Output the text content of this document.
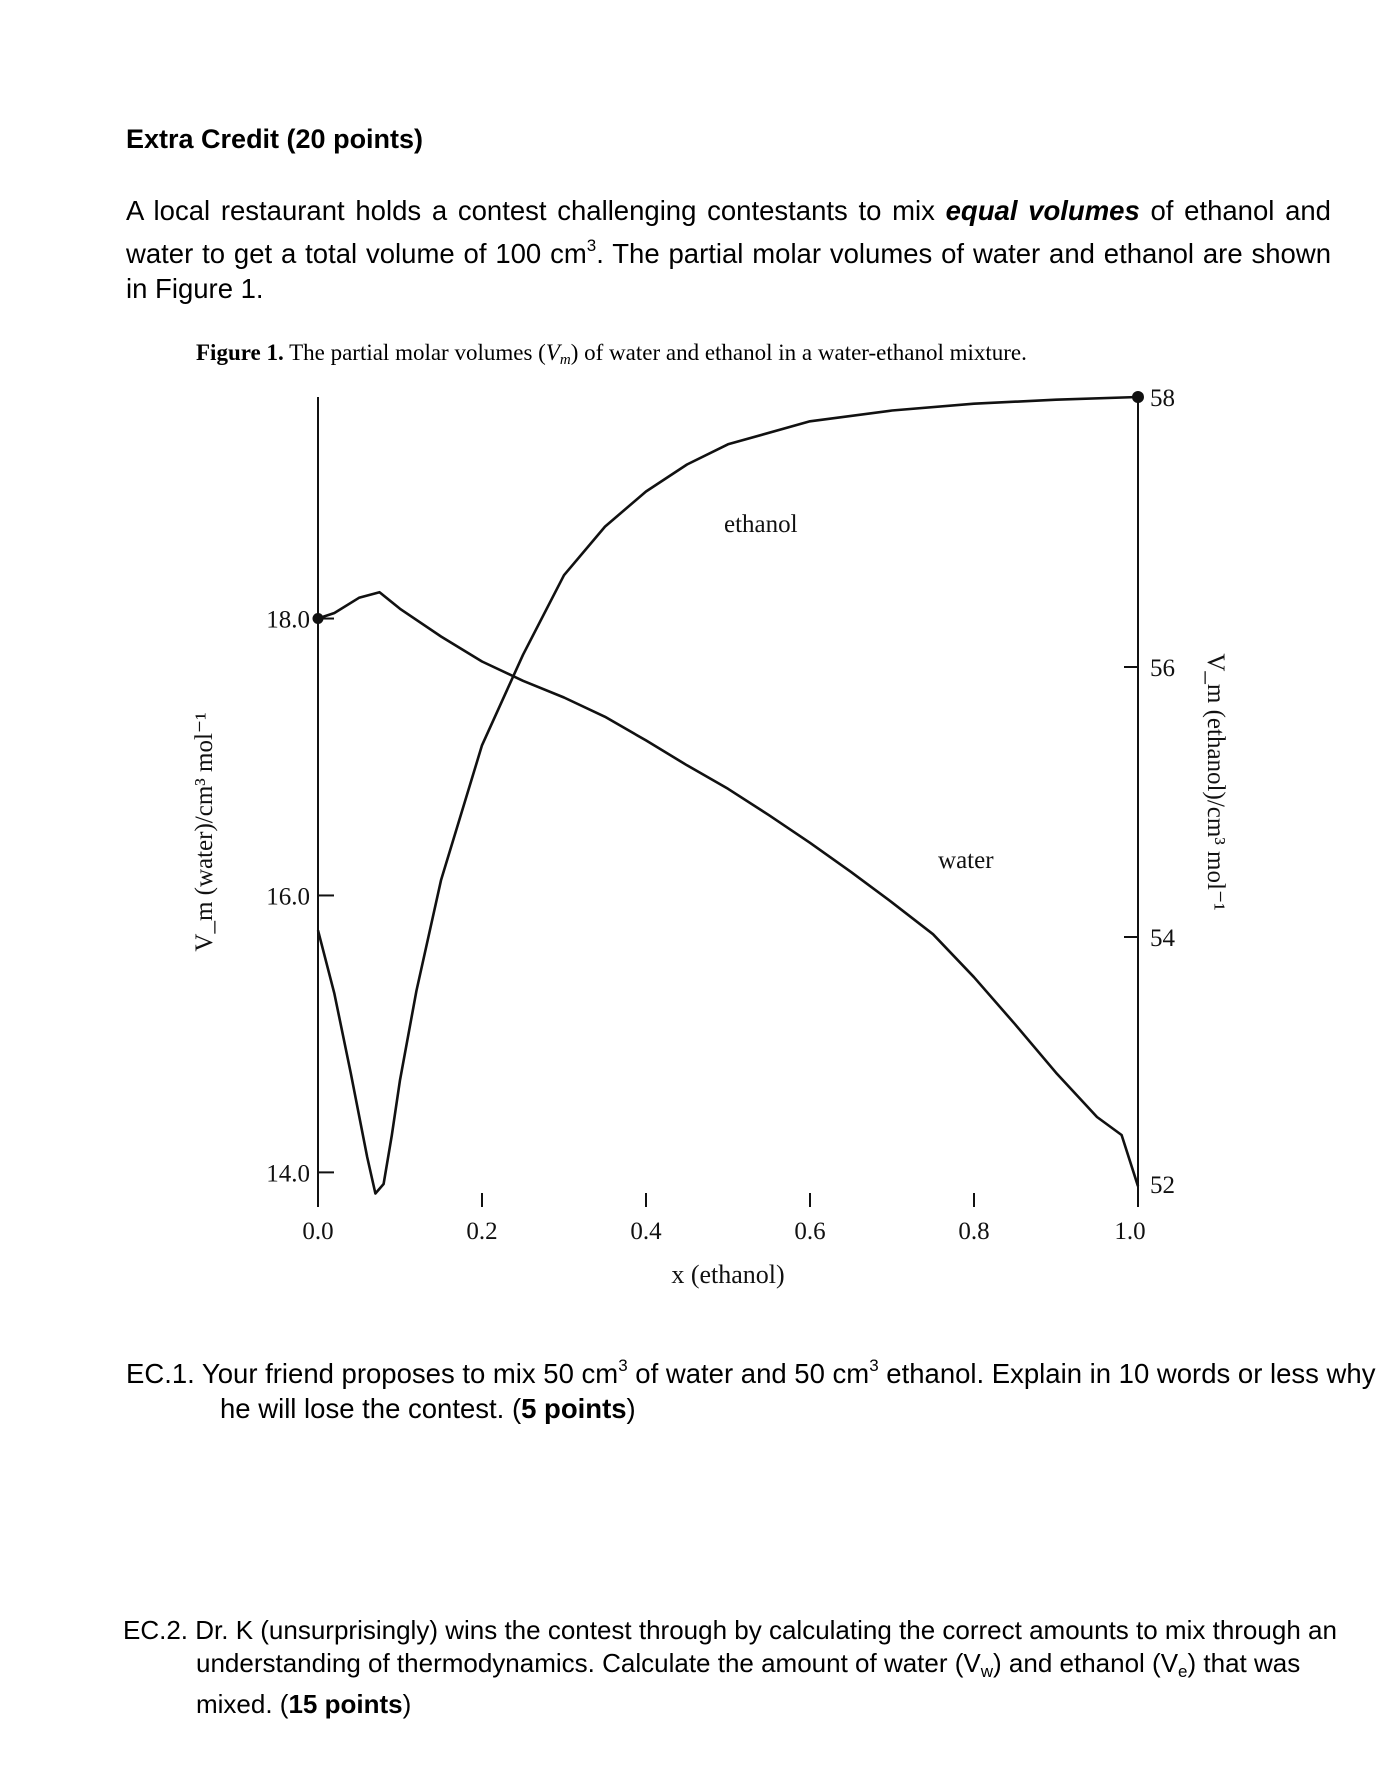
Extra Credit (20 points)

A local restaurant holds a contest challenging contestants to mix equal volumes of ethanol and water to get a total volume of 100 $cm^3$. The partial molar volumes of water and ethanol are shown in Figure 1.

Figure 1. The partial molar volumes $(V_m)$ of water and ethanol in a water-ethanol mixture.
0.0	0.2	0.4	0.6	0.8	1.0
14.0
16.0
18.0
52
54
56
58
ethanol
water
x (ethanol)
V_m (water)/cm³ mol⁻¹	V_m (ethanol)/cm³ mol⁻¹

EC.1. Your friend proposes to mix 50 $cm^3$ of water and 50 $cm^3$ ethanol. Explain in 10 words or less why he will lose the contest. (5 points)

EC.2. Dr. K (unsurprisingly) wins the contest through by calculating the correct amounts to mix through an understanding of thermodynamics. Calculate the amount of water $(V_w)$ and ethanol $(V_e)$ that was mixed. (15 points)
